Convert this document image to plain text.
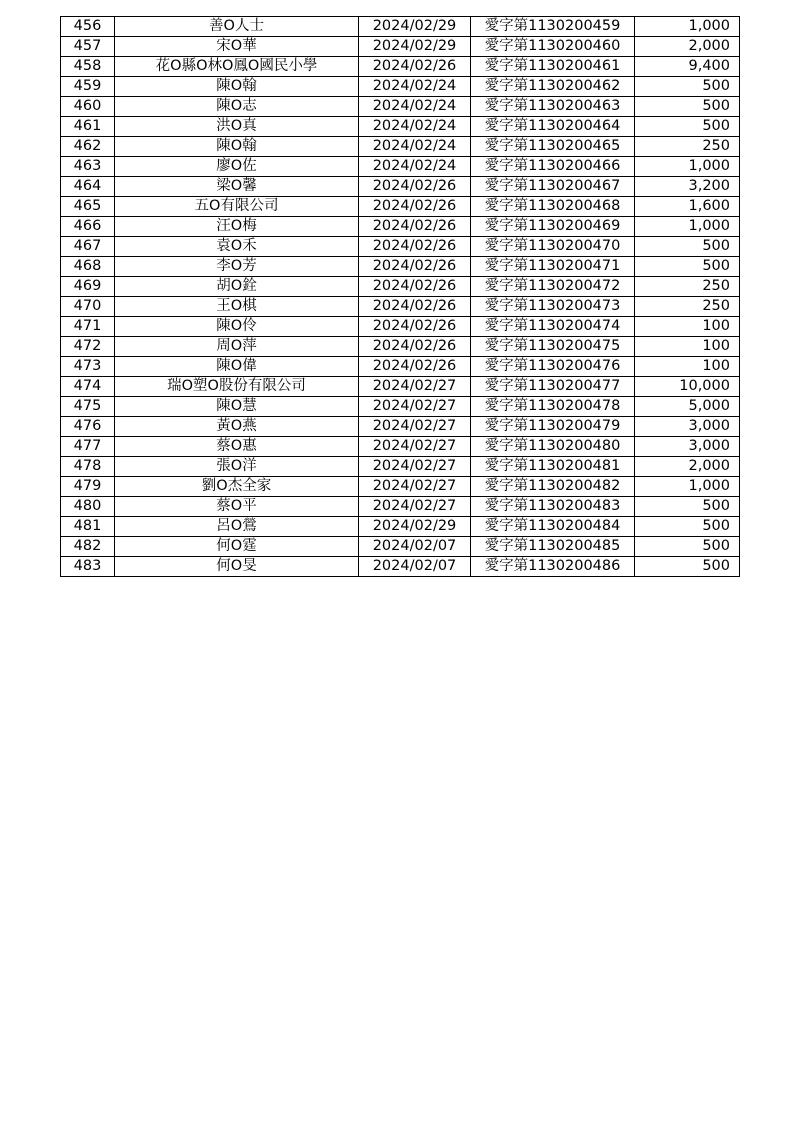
456	善O人士	2024/02/29	愛字第1130200459	1,000
457	宋O華	2024/02/29	愛字第1130200460	2,000
458	花O縣O林O鳳O國民小學	2024/02/26	愛字第1130200461	9,400
459	陳O翰	2024/02/24	愛字第1130200462	500
460	陳O志	2024/02/24	愛字第1130200463	500
461	洪O真	2024/02/24	愛字第1130200464	500
462	陳O翰	2024/02/24	愛字第1130200465	250
463	廖O佐	2024/02/24	愛字第1130200466	1,000
464	梁O馨	2024/02/26	愛字第1130200467	3,200
465	五O有限公司	2024/02/26	愛字第1130200468	1,600
466	汪O梅	2024/02/26	愛字第1130200469	1,000
467	袁O禾	2024/02/26	愛字第1130200470	500
468	李O芳	2024/02/26	愛字第1130200471	500
469	胡O銓	2024/02/26	愛字第1130200472	250
470	王O棋	2024/02/26	愛字第1130200473	250
471	陳O伶	2024/02/26	愛字第1130200474	100
472	周O萍	2024/02/26	愛字第1130200475	100
473	陳O偉	2024/02/26	愛字第1130200476	100
474	瑞O塑O股份有限公司	2024/02/27	愛字第1130200477	10,000
475	陳O慧	2024/02/27	愛字第1130200478	5,000
476	黃O燕	2024/02/27	愛字第1130200479	3,000
477	蔡O惠	2024/02/27	愛字第1130200480	3,000
478	張O洋	2024/02/27	愛字第1130200481	2,000
479	劉O杰全家	2024/02/27	愛字第1130200482	1,000
480	蔡O平	2024/02/27	愛字第1130200483	500
481	呂O鶯	2024/02/29	愛字第1130200484	500
482	何O霆	2024/02/07	愛字第1130200485	500
483	何O旻	2024/02/07	愛字第1130200486	500
